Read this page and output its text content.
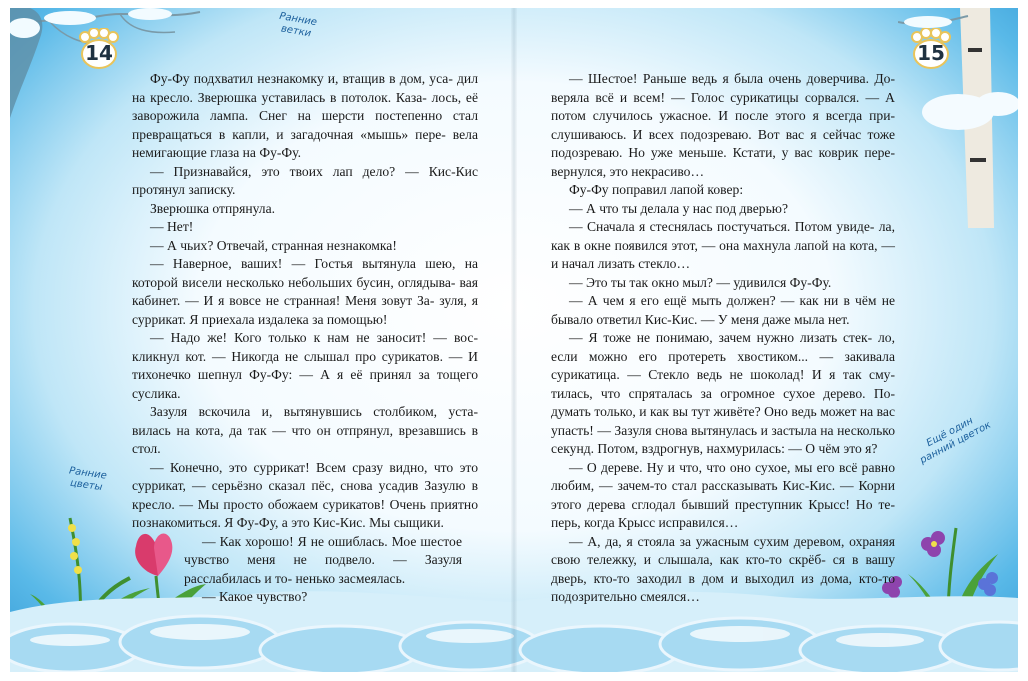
Ещё один ранний цветок
Ранние
цветы
14
Ранние ветки

Фу-Фу подхватил незнакомку и, втащив в дом, уса- дил на кресло. Зверюшка уставилась в потолок. Каза- лось, её заворожила лампа. Снег на шерсти постепенно стал превращаться в капли, и загадочная «мышь» пере- вела немигающие глаза на Фу-Фу.

— Признавайся, это твоих лап дело? — Кис-Кис протянул записку.

Зверюшка отпрянула.

— Нет!

— А чьих? Отвечай, странная незнакомка!

— Наверное, ваших! — Гостья вытянула шею, на которой висели несколько небольших бусин, оглядыва- вая кабинет. — И я вовсе не странная! Меня зовут За- зуля, я суррикат. Я приехала издалека за помощью!

— Надо же! Кого только к нам не заносит! — вос- кликнул кот. — Никогда не слышал про сурикатов. — И тихонечко шепнул Фу-Фу: — А я её принял за тощего суслика.

Зазуля вскочила и, вытянувшись столбиком, уста- вилась на кота, да так — что он отпрянул, врезавшись в стол.

— Конечно, это суррикат! Всем сразу видно, что это суррикат, — серьёзно сказал пёс, снова усадив Зазулю в кресло. — Мы просто обожаем сурикатов! Очень приятно познакомиться. Я Фу-Фу, а это Кис-Кис. Мы сыщики.

— Как хорошо! Я не ошиблась. Мое шестое чувство меня не подвело. — Зазуля расслабилась и то- ненько засмеялась.

— Какое чувство?

15

— Шестое! Раньше ведь я была очень доверчива. До- веряла всё и всем! — Голос сурикатицы сорвался. — А потом случилось ужасное. И после этого я всегда при- слушиваюсь. И всех подозреваю. Вот вас я сейчас тоже подозреваю. Но уже меньше. Кстати, у вас коврик пере- вернулся, это некрасиво…

Фу-Фу поправил лапой ковер:

— А что ты делала у нас под дверью?

— Сначала я стеснялась постучаться. Потом увиде- ла, как в окне появился этот, — она махнула лапой на кота, — и начал лизать стекло…

— Это ты так окно мыл? — удивился Фу-Фу.

— А чем я его ещё мыть должен? — как ни в чём не бывало ответил Кис-Кис. — У меня даже мыла нет.

— Я тоже не понимаю, зачем нужно лизать стек- ло, если можно его протереть хвостиком... — закивала сурикатица. — Стекло ведь не шоколад! И я так сму- тилась, что спряталась за огромное сухое дерево. По- думать только, и как вы тут живёте? Оно ведь может на вас упасть! — Зазуля снова вытянулась и застыла на несколько секунд. Потом, вздрогнув, нахмурилась: — О чём это я?

— О дереве. Ну и что, что оно сухое, мы его всё равно любим, — зачем-то стал рассказывать Кис-Кис. — Корни этого дерева сглодал бывший преступник Крысс! Но те- перь, когда Крысс исправился…

— А, да, я стояла за ужасным сухим деревом, охраняя свою тележку, и слышала, как кто-то скрёб- ся в вашу дверь, кто-то заходил в дом и выходил из дома, кто-то подозрительно смеялся…
